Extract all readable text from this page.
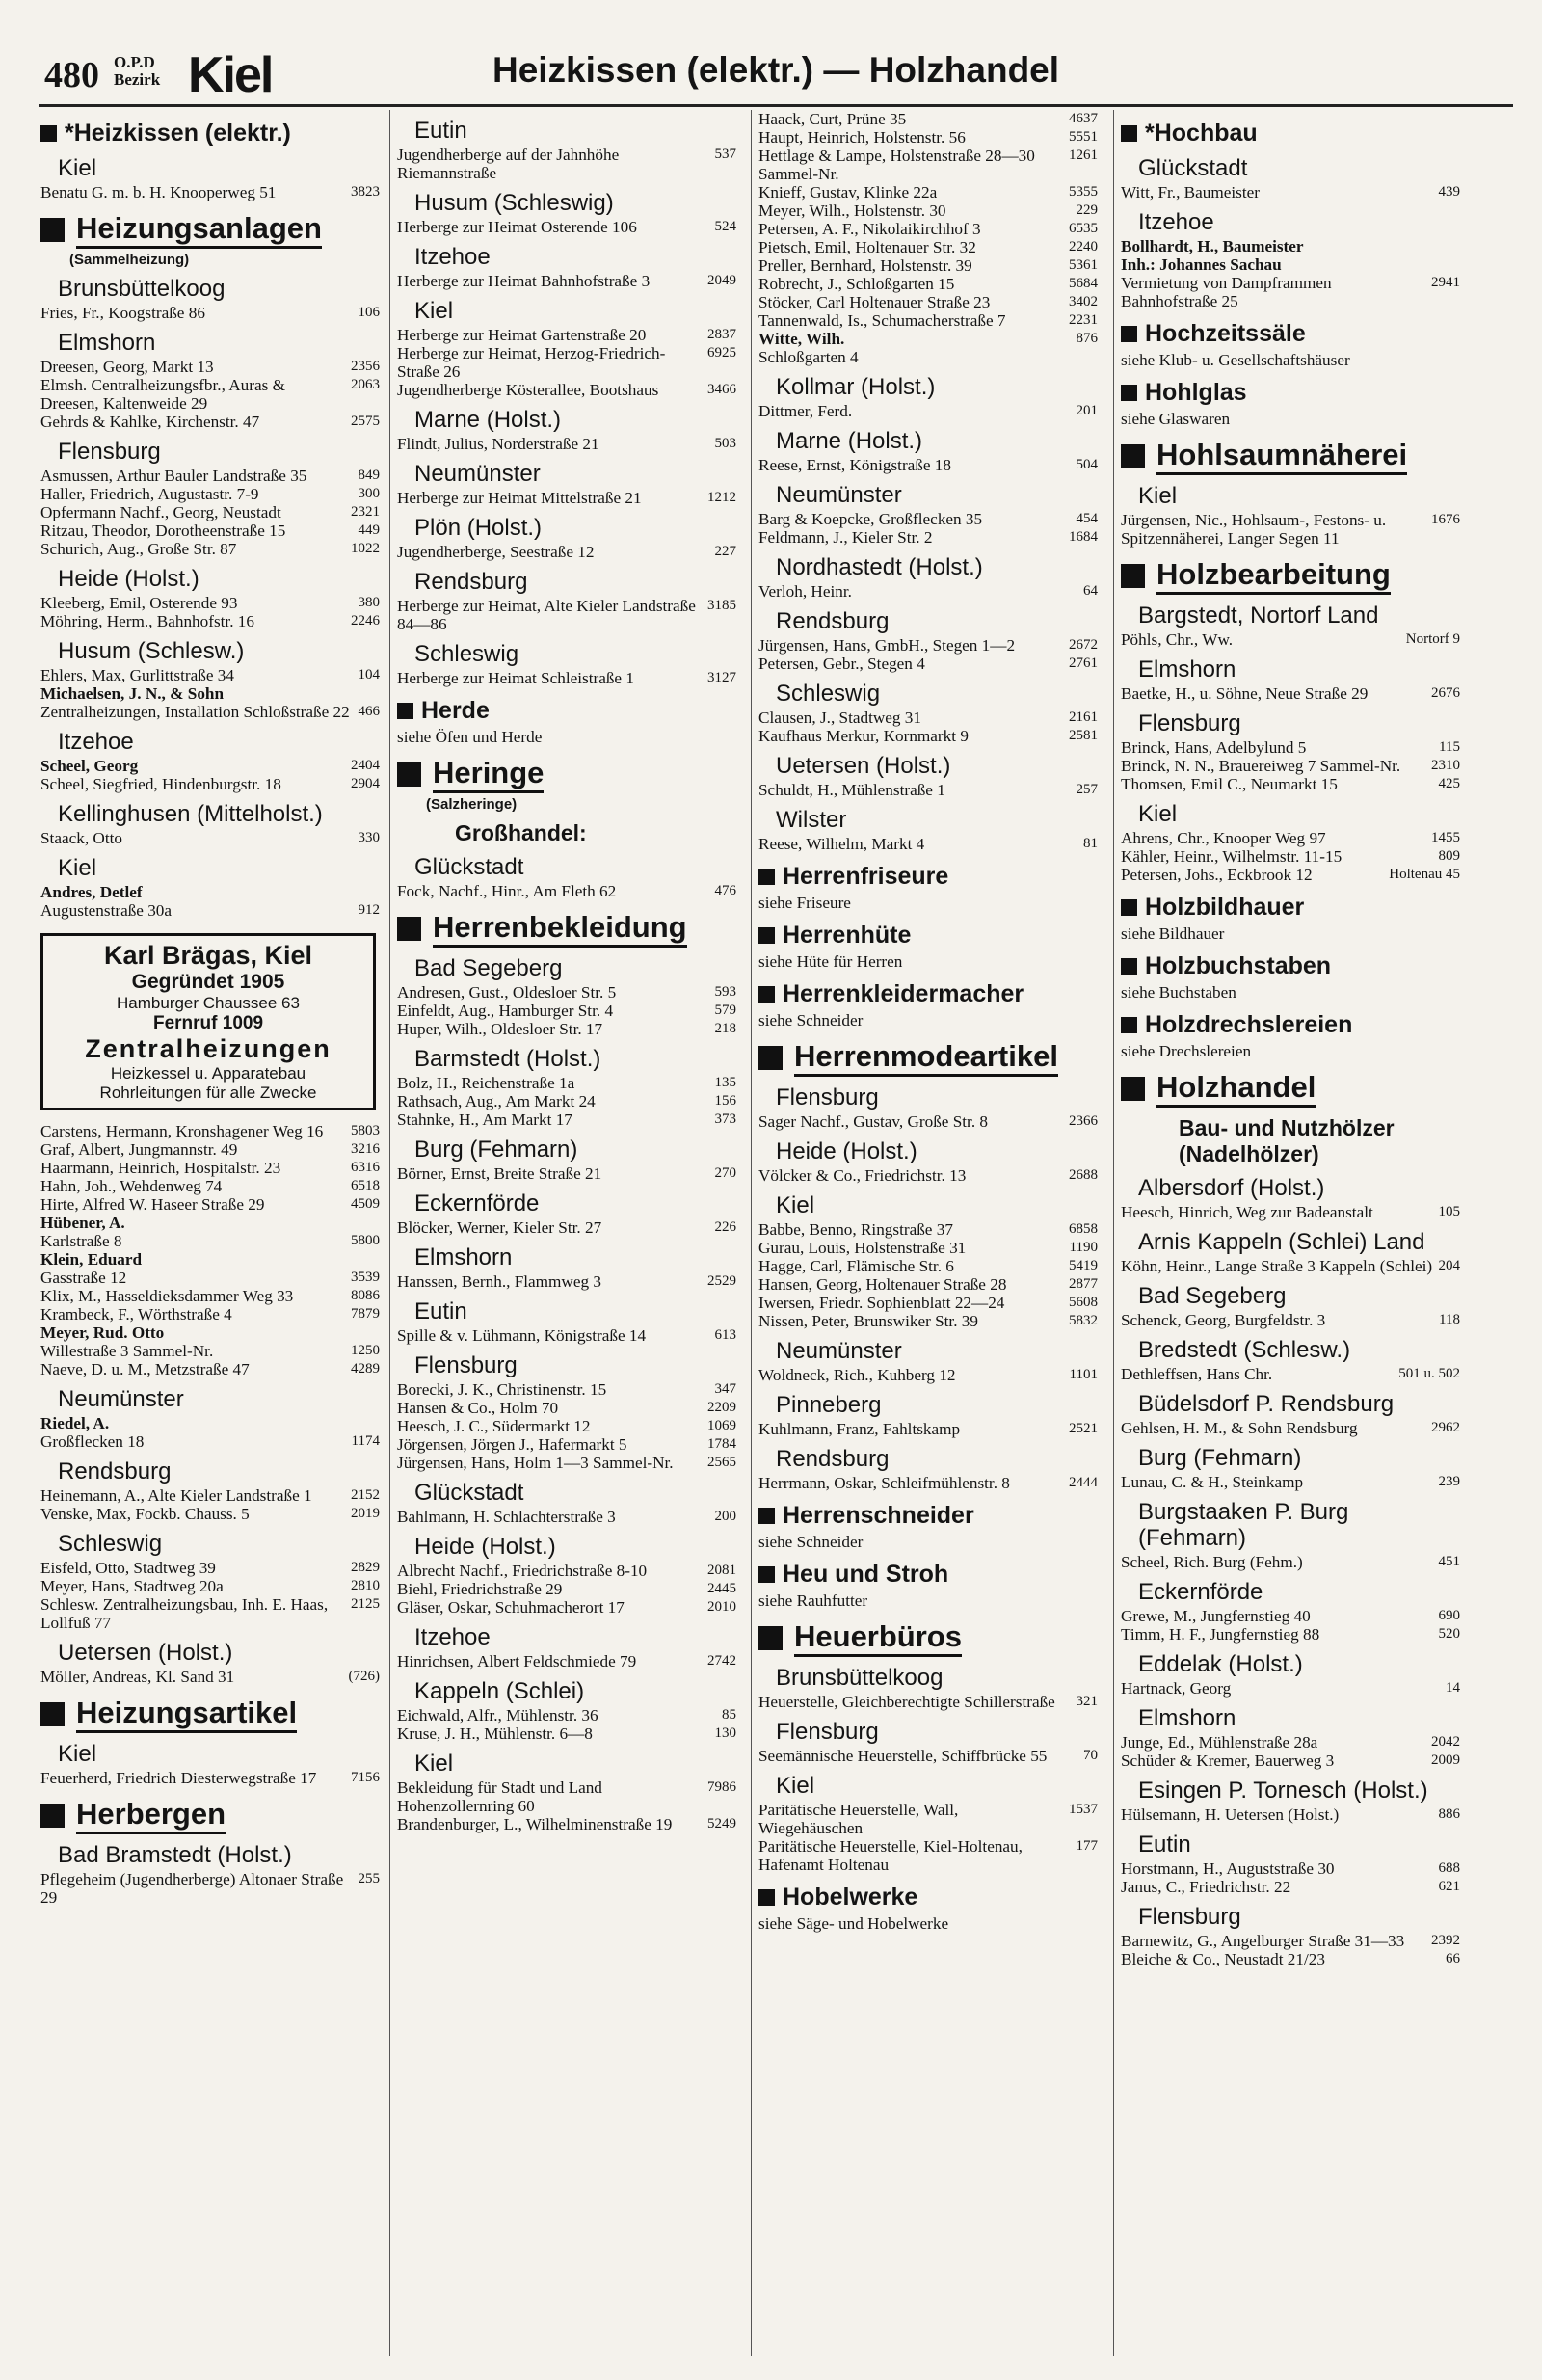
480 O.P.D
Bezirk Kiel	Heizkissen (elektr.) — Holzhandel
*Heizkissen (elektr.)
Kiel
Benatu G. m. b. H. Knooperweg 51	3823
Heizungsanlagen
(Sammelheizung)
Brunsbüttelkoog
Fries, Fr., Koogstraße 86	106
Elmshorn
Dreesen, Georg, Markt 13	2356
Elmsh. Centralheizungsfbr., Auras & Dreesen, Kaltenweide 29
2063
Gehrds & Kahlke, Kirchenstr. 47	2575
Flensburg
Asmussen, Arthur Bauler Landstraße 35	849
Haller, Friedrich, Augustastr. 7-9	300
Opfermann Nachf., Georg, Neustadt	2321
Ritzau, Theodor, Dorotheenstraße 15	449
Schurich, Aug., Große Str. 87	1022
Heide (Holst.)
Kleeberg, Emil, Osterende 93	380
Möhring, Herm., Bahnhofstr. 16	2246
Husum (Schlesw.)
Ehlers, Max, Gurlittstraße 34	104
Michaelsen, J. N., & Sohn
Zentralheizungen, Installation Schloßstraße 22 466
Itzehoe
Scheel, Georg	2404
Scheel, Siegfried, Hindenburgstr. 18	2904
Kellinghusen (Mittelholst.)
Staack, Otto	330
Kiel
Andres, Detlef
Augustenstraße 30a	912
Karl Brägas, Kiel
Gegründet 1905
Hamburger Chaussee 63
Fernruf 1009
Zentralheizungen
Heizkessel u. Apparatebau
Rohrleitungen für alle Zwecke
Carstens, Hermann, Kronshagener Weg 16	5803
Graf, Albert, Jungmannstr. 49	3216
Haarmann, Heinrich, Hospitalstr. 23	6316
Hahn, Joh., Wehdenweg 74	6518
Hirte, Alfred W. Haseer Straße 29	4509
Hübener, A.
Karlstraße 8	5800
Klein, Eduard
Gasstraße 12	3539
Klix, M., Hasseldieksdammer Weg 33	8086
Krambeck, F., Wörthstraße 4	7879
Meyer, Rud. Otto
Willestraße 3 Sammel-Nr.	1250
Naeve, D. u. M., Metzstraße 47	4289
Neumünster
Riedel, A.
Großflecken 18	1174
Rendsburg
Heinemann, A., Alte Kieler Landstraße 1	2152
Venske, Max, Fockb. Chauss. 5	2019
Schleswig
Eisfeld, Otto, Stadtweg 39	2829
Meyer, Hans, Stadtweg 20a	2810
Schlesw. Zentralheizungsbau, Inh. E. Haas, Lollfuß 77
2125
Uetersen (Holst.)
Möller, Andreas, Kl. Sand 31	(726)
Heizungsartikel
Kiel
Feuerherd, Friedrich Diesterwegstraße 17	7156
Herbergen
Bad Bramstedt (Holst.)
Pflegeheim (Jugendherberge) Altonaer Straße 29
255
Eutin
Jugendherberge auf der Jahnhöhe Riemannstraße
537
Husum (Schleswig)
Herberge zur Heimat Osterende 106	524
Itzehoe
Herberge zur Heimat Bahnhofstraße 3	2049
Kiel
Herberge zur Heimat Gartenstraße 20	2837
Herberge zur Heimat, Herzog-Friedrich-Straße 26
6925
Jugendherberge Kösterallee, Bootshaus	3466
Marne (Holst.)
Flindt, Julius, Norderstraße 21	503
Neumünster
Herberge zur Heimat Mittelstraße 21	1212
Plön (Holst.)
Jugendherberge, Seestraße 12	227
Rendsburg
Herberge zur Heimat, Alte Kieler Landstraße 84—86
3185
Schleswig
Herberge zur Heimat Schleistraße 1	3127
Herde
siehe Öfen und Herde
Heringe
(Salzheringe)
Großhandel:
Glückstadt
Fock, Nachf., Hinr., Am Fleth 62	476
Herrenbekleidung
Bad Segeberg
Andresen, Gust., Oldesloer Str. 5	593
Einfeldt, Aug., Hamburger Str. 4	579
Huper, Wilh., Oldesloer Str. 17	218
Barmstedt (Holst.)
Bolz, H., Reichenstraße 1a	135
Rathsach, Aug., Am Markt 24	156
Stahnke, H., Am Markt 17	373
Burg (Fehmarn)
Börner, Ernst, Breite Straße 21	270
Eckernförde
Blöcker, Werner, Kieler Str. 27	226
Elmshorn
Hanssen, Bernh., Flammweg 3	2529
Eutin
Spille & v. Lühmann, Königstraße 14	613
Flensburg
Borecki, J. K., Christinenstr. 15	347
Hansen & Co., Holm 70	2209
Heesch, J. C., Südermarkt 12	1069
Jörgensen, Jörgen J., Hafermarkt 5	1784
Jürgensen, Hans, Holm 1—3 Sammel-Nr.	2565
Glückstadt
Bahlmann, H. Schlachterstraße 3	200
Heide (Holst.)
Albrecht Nachf., Friedrichstraße 8-10	2081
Biehl, Friedrichstraße 29	2445
Gläser, Oskar, Schuhmacherort 17	2010
Itzehoe
Hinrichsen, Albert Feldschmiede 79	2742
Kappeln (Schlei)
Eichwald, Alfr., Mühlenstr. 36	85
Kruse, J. H., Mühlenstr. 6—8	130
Kiel
Bekleidung für Stadt und Land Hohenzollernring 60
7986
Brandenburger, L., Wilhelminenstraße 19	5249
Haack, Curt, Prüne 35	4637
Haupt, Heinrich, Holstenstr. 56	5551
Hettlage & Lampe, Holstenstraße 28—30 Sammel-Nr.
1261
Knieff, Gustav, Klinke 22a	5355
Meyer, Wilh., Holstenstr. 30	229
Petersen, A. F., Nikolaikirchhof 3	6535
Pietsch, Emil, Holtenauer Str. 32	2240
Preller, Bernhard, Holstenstr. 39	5361
Robrecht, J., Schloßgarten 15	5684
Stöcker, Carl Holtenauer Straße 23	3402
Tannenwald, Is., Schumacherstraße 7	2231
Witte, Wilh.	876
Schloßgarten 4
Kollmar (Holst.)
Dittmer, Ferd.	201
Marne (Holst.)
Reese, Ernst, Königstraße 18	504
Neumünster
Barg & Koepcke, Großflecken 35	454
Feldmann, J., Kieler Str. 2	1684
Nordhastedt (Holst.)
Verloh, Heinr.	64
Rendsburg
Jürgensen, Hans, GmbH., Stegen 1—2	2672
Petersen, Gebr., Stegen 4	2761
Schleswig
Clausen, J., Stadtweg 31	2161
Kaufhaus Merkur, Kornmarkt 9	2581
Uetersen (Holst.)
Schuldt, H., Mühlenstraße 1	257
Wilster
Reese, Wilhelm, Markt 4	81
Herrenfriseure
siehe Friseure
Herrenhüte
siehe Hüte für Herren
Herrenkleidermacher
siehe Schneider
Herrenmodeartikel
Flensburg
Sager Nachf., Gustav, Große Str. 8	2366
Heide (Holst.)
Völcker & Co., Friedrichstr. 13	2688
Kiel
Babbe, Benno, Ringstraße 37	6858
Gurau, Louis, Holstenstraße 31	1190
Hagge, Carl, Flämische Str. 6	5419
Hansen, Georg, Holtenauer Straße 28	2877
Iwersen, Friedr. Sophienblatt 22—24	5608
Nissen, Peter, Brunswiker Str. 39	5832
Neumünster
Woldneck, Rich., Kuhberg 12	1101
Pinneberg
Kuhlmann, Franz, Fahltskamp	2521
Rendsburg
Herrmann, Oskar, Schleifmühlenstr. 8	2444
Herrenschneider
siehe Schneider
Heu und Stroh
siehe Rauhfutter
Heuerbüros
Brunsbüttelkoog
Heuerstelle, Gleichberechtigte Schillerstraße	321
Flensburg
Seemännische Heuerstelle, Schiffbrücke 55	70
Kiel
Paritätische Heuerstelle, Wall, Wiegehäuschen
1537
Paritätische Heuerstelle, Kiel-Holtenau, Hafenamt Holtenau
177
Hobelwerke
siehe Säge- und Hobelwerke
*Hochbau
Glückstadt
Witt, Fr., Baumeister	439
Itzehoe
Bollhardt, H., Baumeister
Inh.: Johannes Sachau
Vermietung von Dampframmen Bahnhofstraße 25
2941
Hochzeitssäle
siehe Klub- u. Gesellschaftshäuser
Hohlglas
siehe Glaswaren
Hohlsaumnäherei
Kiel
Jürgensen, Nic., Hohlsaum-, Festons- u. Spitzennäherei, Langer Segen 11
1676
Holzbearbeitung
Bargstedt, Nortorf Land
Pöhls, Chr., Ww.	Nortorf 9
Elmshorn
Baetke, H., u. Söhne, Neue Straße 29	2676
Flensburg
Brinck, Hans, Adelbylund 5	115
Brinck, N. N., Brauereiweg 7 Sammel-Nr.	2310
Thomsen, Emil C., Neumarkt 15	425
Kiel
Ahrens, Chr., Knooper Weg 97	1455
Kähler, Heinr., Wilhelmstr. 11-15	809
Petersen, Johs., Eckbrook 12	Holtenau 45
Holzbildhauer
siehe Bildhauer
Holzbuchstaben
siehe Buchstaben
Holzdrechslereien
siehe Drechslereien
Holzhandel
Bau- und Nutzhölzer (Nadelhölzer)
Albersdorf (Holst.)
Heesch, Hinrich, Weg zur Badeanstalt	105
Arnis Kappeln (Schlei) Land
Köhn, Heinr., Lange Straße 3 Kappeln (Schlei) 204
Bad Segeberg
Schenck, Georg, Burgfeldstr. 3	118
Bredstedt (Schlesw.)
Dethleffsen, Hans Chr.	501 u. 502
Büdelsdorf P. Rendsburg
Gehlsen, H. M., & Sohn Rendsburg	2962
Burg (Fehmarn)
Lunau, C. & H., Steinkamp	239
Burgstaaken P. Burg (Fehmarn)
Scheel, Rich. Burg (Fehm.)	451
Eckernförde
Grewe, M., Jungfernstieg 40	690
Timm, H. F., Jungfernstieg 88	520
Eddelak (Holst.)
Hartnack, Georg	14
Elmshorn
Junge, Ed., Mühlenstraße 28a	2042
Schüder & Kremer, Bauerweg 3	2009
Esingen P. Tornesch (Holst.)
Hülsemann, H. Uetersen (Holst.)	886
Eutin
Horstmann, H., Auguststraße 30	688
Janus, C., Friedrichstr. 22	621
Flensburg
Barnewitz, G., Angelburger Straße 31—33	2392
Bleiche & Co., Neustadt 21/23	66
